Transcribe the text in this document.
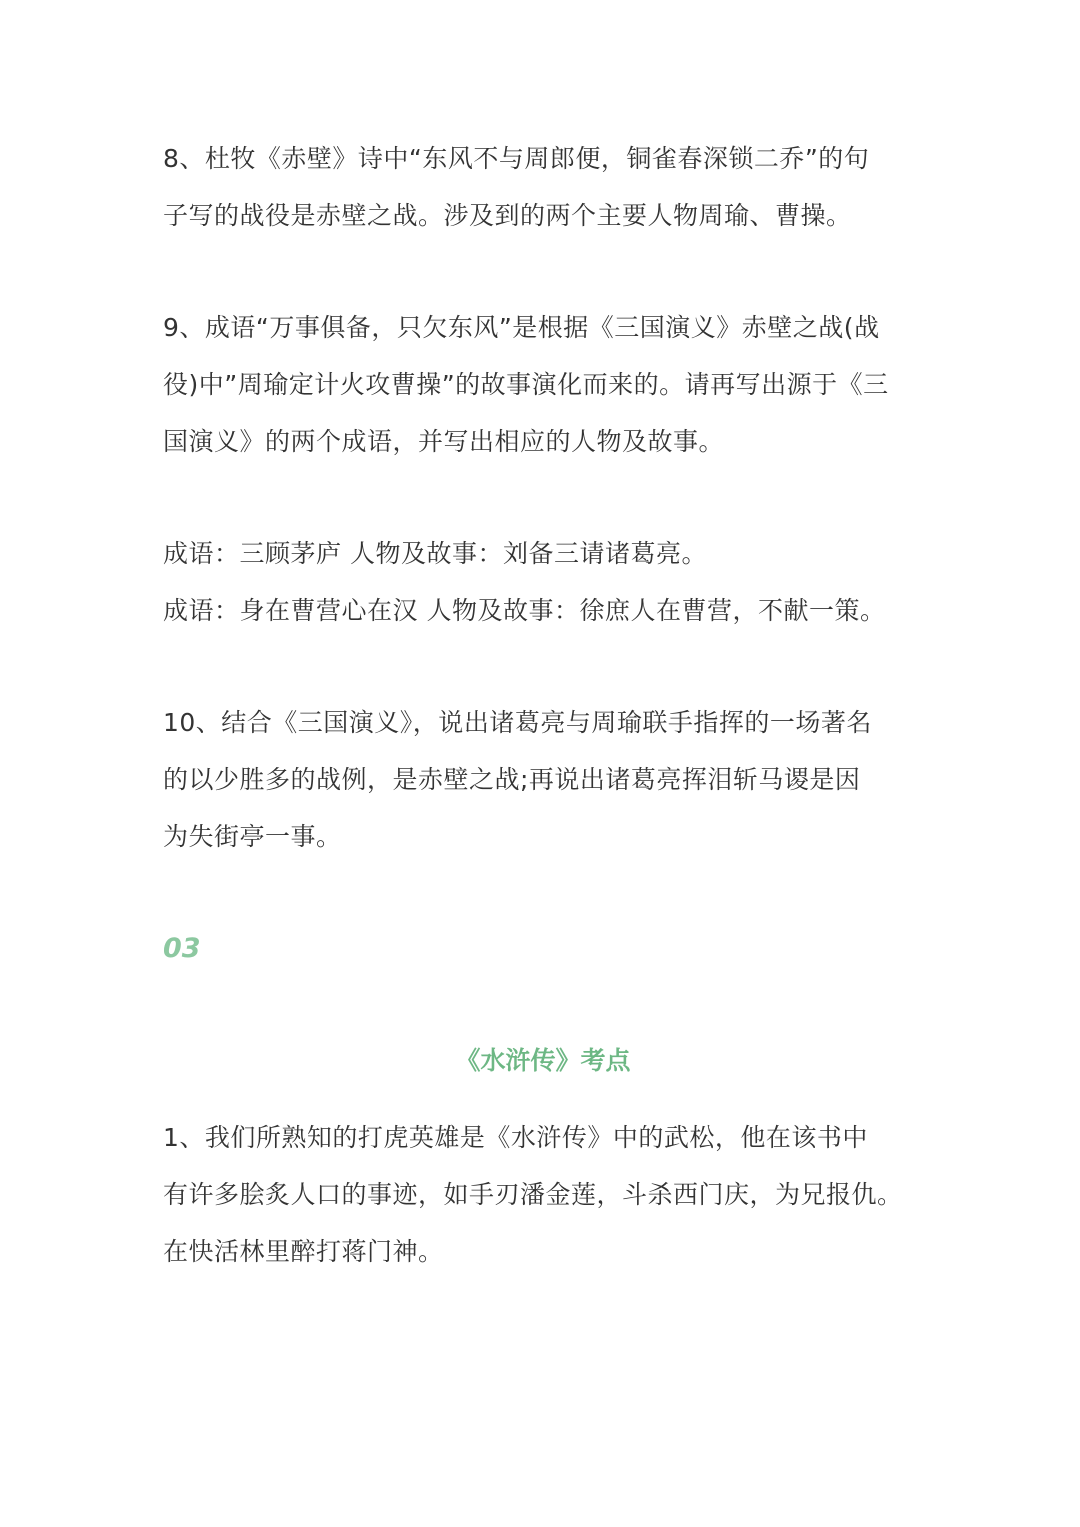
8、杜牧《赤壁》诗中“东风不与周郎便，铜雀春深锁二乔”的句
子写的战役是赤壁之战。涉及到的两个主要人物周瑜、曹操。

9、成语“万事俱备，只欠东风”是根据《三国演义》赤壁之战(战
役)中”周瑜定计火攻曹操”的故事演化而来的。请再写出源于《三
国演义》的两个成语，并写出相应的人物及故事。

成语：三顾茅庐 人物及故事：刘备三请诸葛亮。
成语：身在曹营心在汉 人物及故事：徐庶人在曹营，不献一策。

10、结合《三国演义》，说出诸葛亮与周瑜联手指挥的一场著名
的以少胜多的战例，是赤壁之战;再说出诸葛亮挥泪斩马谡是因
为失街亭一事。

03

《水浒传》考点

1、我们所熟知的打虎英雄是《水浒传》中的武松，他在该书中
有许多脍炙人口的事迹，如手刃潘金莲，斗杀西门庆，为兄报仇。
在快活林里醉打蒋门神。
